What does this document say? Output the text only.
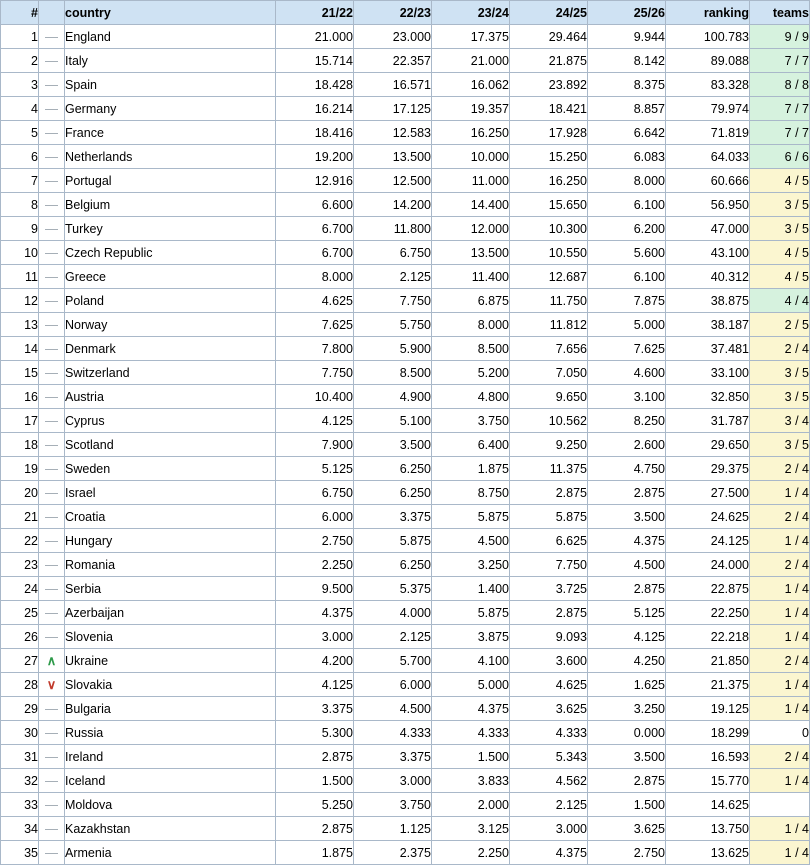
#		country	21/22	22/23	23/24	24/25	25/26	ranking	teams
1	—	England	21.000	23.000	17.375	29.464	9.944	100.783	9 / 9
2	—	Italy	15.714	22.357	21.000	21.875	8.142	89.088	7 / 7
3	—	Spain	18.428	16.571	16.062	23.892	8.375	83.328	8 / 8
4	—	Germany	16.214	17.125	19.357	18.421	8.857	79.974	7 / 7
5	—	France	18.416	12.583	16.250	17.928	6.642	71.819	7 / 7
6	—	Netherlands	19.200	13.500	10.000	15.250	6.083	64.033	6 / 6
7	—	Portugal	12.916	12.500	11.000	16.250	8.000	60.666	4 / 5
8	—	Belgium	6.600	14.200	14.400	15.650	6.100	56.950	3 / 5
9	—	Turkey	6.700	11.800	12.000	10.300	6.200	47.000	3 / 5
10	—	Czech Republic	6.700	6.750	13.500	10.550	5.600	43.100	4 / 5
11	—	Greece	8.000	2.125	11.400	12.687	6.100	40.312	4 / 5
12	—	Poland	4.625	7.750	6.875	11.750	7.875	38.875	4 / 4
13	—	Norway	7.625	5.750	8.000	11.812	5.000	38.187	2 / 5
14	—	Denmark	7.800	5.900	8.500	7.656	7.625	37.481	2 / 4
15	—	Switzerland	7.750	8.500	5.200	7.050	4.600	33.100	3 / 5
16	—	Austria	10.400	4.900	4.800	9.650	3.100	32.850	3 / 5
17	—	Cyprus	4.125	5.100	3.750	10.562	8.250	31.787	3 / 4
18	—	Scotland	7.900	3.500	6.400	9.250	2.600	29.650	3 / 5
19	—	Sweden	5.125	6.250	1.875	11.375	4.750	29.375	2 / 4
20	—	Israel	6.750	6.250	8.750	2.875	2.875	27.500	1 / 4
21	—	Croatia	6.000	3.375	5.875	5.875	3.500	24.625	2 / 4
22	—	Hungary	2.750	5.875	4.500	6.625	4.375	24.125	1 / 4
23	—	Romania	2.250	6.250	3.250	7.750	4.500	24.000	2 / 4
24	—	Serbia	9.500	5.375	1.400	3.725	2.875	22.875	1 / 4
25	—	Azerbaijan	4.375	4.000	5.875	2.875	5.125	22.250	1 / 4
26	—	Slovenia	3.000	2.125	3.875	9.093	4.125	22.218	1 / 4
27	∧	Ukraine	4.200	5.700	4.100	3.600	4.250	21.850	2 / 4
28	∨	Slovakia	4.125	6.000	5.000	4.625	1.625	21.375	1 / 4
29	—	Bulgaria	3.375	4.500	4.375	3.625	3.250	19.125	1 / 4
30	—	Russia	5.300	4.333	4.333	4.333	0.000	18.299	0
31	—	Ireland	2.875	3.375	1.500	5.343	3.500	16.593	2 / 4
32	—	Iceland	1.500	3.000	3.833	4.562	2.875	15.770	1 / 4
33	—	Moldova	5.250	3.750	2.000	2.125	1.500	14.625	
34	—	Kazakhstan	2.875	1.125	3.125	3.000	3.625	13.750	1 / 4
35	—	Armenia	1.875	2.375	2.250	4.375	2.750	13.625	1 / 4
